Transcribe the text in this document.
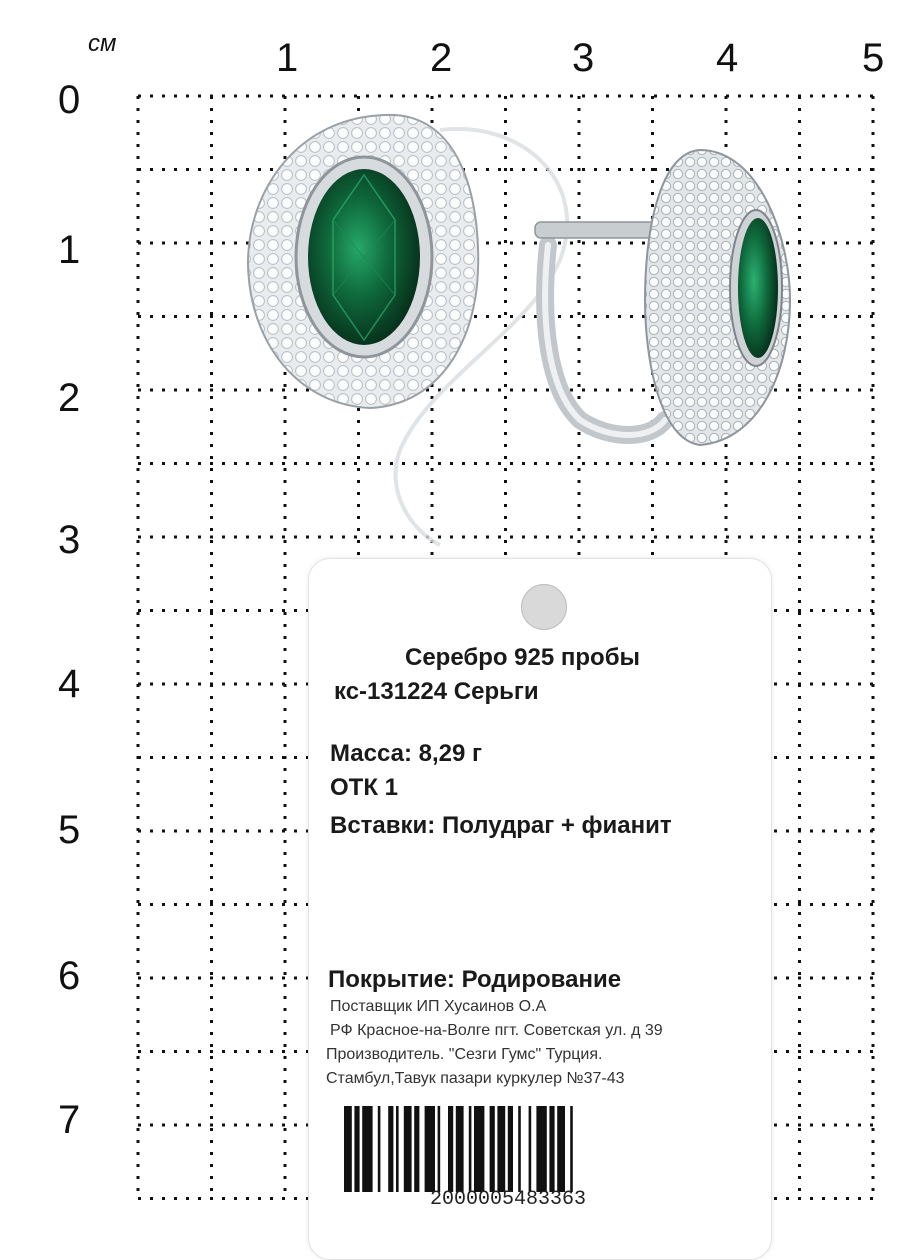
см	1	2	3	4	5
0
1
2
3
4
5
6
7
Серебро 925 пробы
кс-131224 Серьги
Масса: 8,29 г
ОТК 1
Вставки: Полудраг + фианит
Покрытие: Родирование
Поставщик ИП Хусаинов О.А
РФ Красное-на-Волге пгт. Советская ул. д 39
Производитель. "Сезги Гумс" Турция.
Стамбул,Тавук пазари куркулер №37-43
2000005483363
